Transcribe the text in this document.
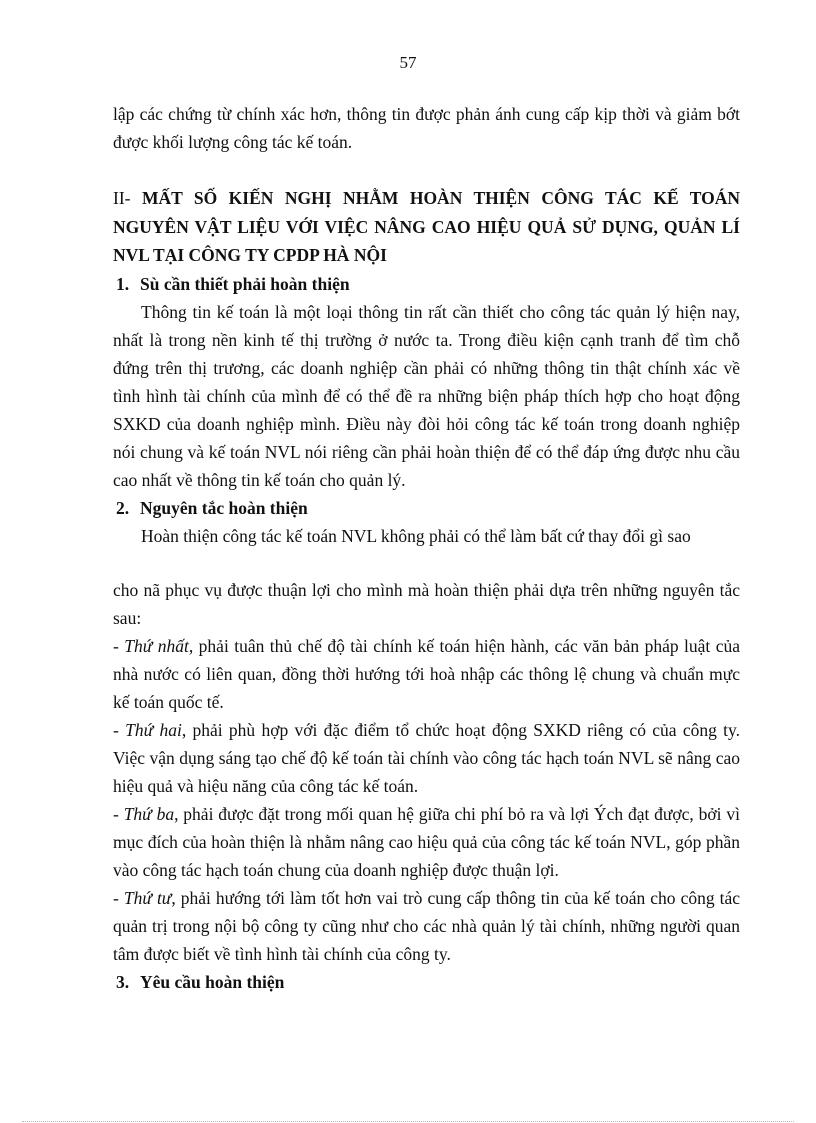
57

lập các chứng từ chính xác hơn, thông tin được phản ánh cung cấp kịp thời và giảm bớt được khối lượng công tác kế toán.

II- MẤT SỐ KIẾN NGHỊ NHẰM HOÀN THIỆN CÔNG TÁC KẾ TOÁN NGUYÊN VẬT LIỆU VỚI VIỆC NÂNG CAO HIỆU QUẢ SỬ DỤNG, QUẢN LÍ NVL TẠI CÔNG TY CPDP HÀ NỘI

1. Sù cần thiết phải hoàn thiện

Thông tin kế toán là một loại thông tin rất cần thiết cho công tác quản lý hiện nay, nhất là trong nền kinh tế thị trường ở nước ta. Trong điều kiện cạnh tranh để tìm chỗ đứng trên thị trương, các doanh nghiệp cần phải có những thông tin thật chính xác về tình hình tài chính của mình để có thể đề ra những biện pháp thích hợp cho hoạt động SXKD của doanh nghiệp mình. Điều này đòi hỏi công tác kế toán trong doanh nghiệp nói chung và kế toán NVL nói riêng cần phải hoàn thiện để có thể đáp ứng được nhu cầu cao nhất về thông tin kế toán cho quản lý.

2. Nguyên tắc hoàn thiện

Hoàn thiện công tác kế toán NVL không phải có thể làm bất cứ thay đổi gì sao

cho nã phục vụ được thuận lợi cho mình mà hoàn thiện phải dựa trên những nguyên tắc sau:

- Thứ nhất, phải tuân thủ chế độ tài chính kế toán hiện hành, các văn bản pháp luật của nhà nước có liên quan, đồng thời hướng tới hoà nhập các thông lệ chung và chuẩn mực kế toán quốc tế.

- Thứ hai, phải phù hợp với đặc điểm tổ chức hoạt động SXKD riêng có của công ty. Việc vận dụng sáng tạo chế độ kế toán tài chính vào công tác hạch toán NVL sẽ nâng cao hiệu quả và hiệu năng của công tác kế toán.

- Thứ ba, phải được đặt trong mối quan hệ giữa chi phí bỏ ra và lợi Ých đạt được, bởi vì mục đích của hoàn thiện là nhằm nâng cao hiệu quả của công tác kế toán NVL, góp phần vào công tác hạch toán chung của doanh nghiệp được thuận lợi.

- Thứ tư, phải hướng tới làm tốt hơn vai trò cung cấp thông tin của kế toán cho công tác quản trị trong nội bộ công ty cũng như cho các nhà quản lý tài chính, những người quan tâm được biết về tình hình tài chính của công ty.

3. Yêu cầu hoàn thiện
